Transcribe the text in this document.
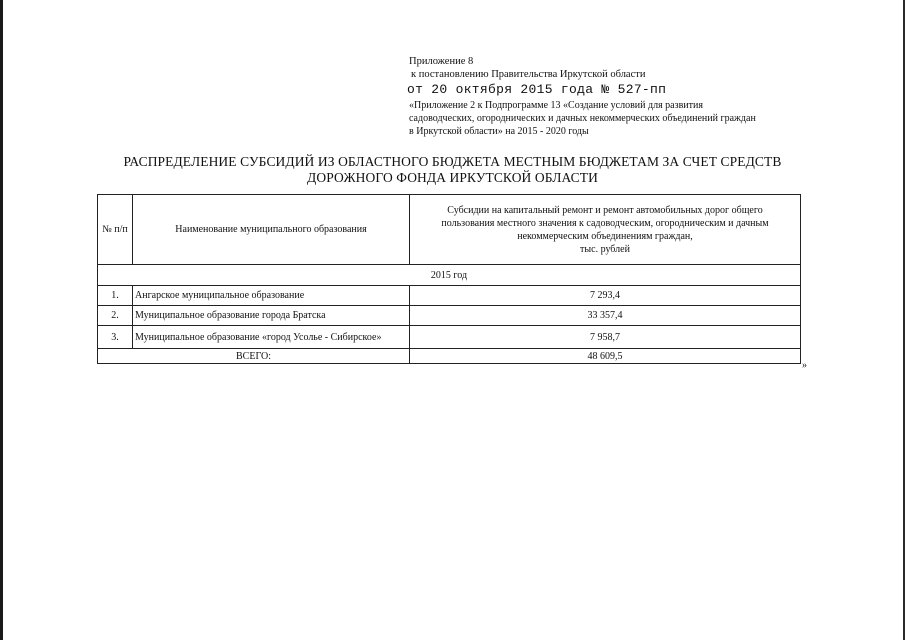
Приложение 8
к постановлению Правительства Иркутской области
от 20 октября 2015 года № 527-пп
«Приложение 2 к Подпрограмме 13 «Создание условий для развития
садоводческих, огороднических и дачных некоммерческих объединений граждан
в Иркутской области» на 2015 - 2020 годы
РАСПРЕДЕЛЕНИЕ СУБСИДИЙ ИЗ ОБЛАСТНОГО БЮДЖЕТА МЕСТНЫМ БЮДЖЕТАМ ЗА СЧЕТ СРЕДСТВ
ДОРОЖНОГО ФОНДА ИРКУТСКОЙ ОБЛАСТИ
№ п/п	Наименование муниципального образования	Субсидии на капитальный ремонт и ремонт автомобильных дорог общего
пользования местного значения к садоводческим, огородническим и дачным
некоммерческим объединениям граждан,
тыс. рублей

2015 год		
1.	Ангарское муниципальное образование	7 293,4
2.	Муниципальное образование города Братска	33 357,4
3.	Муниципальное образование «город Усолье - Сибирское»	7 958,7
ВСЕГО:		48 609,5
»
